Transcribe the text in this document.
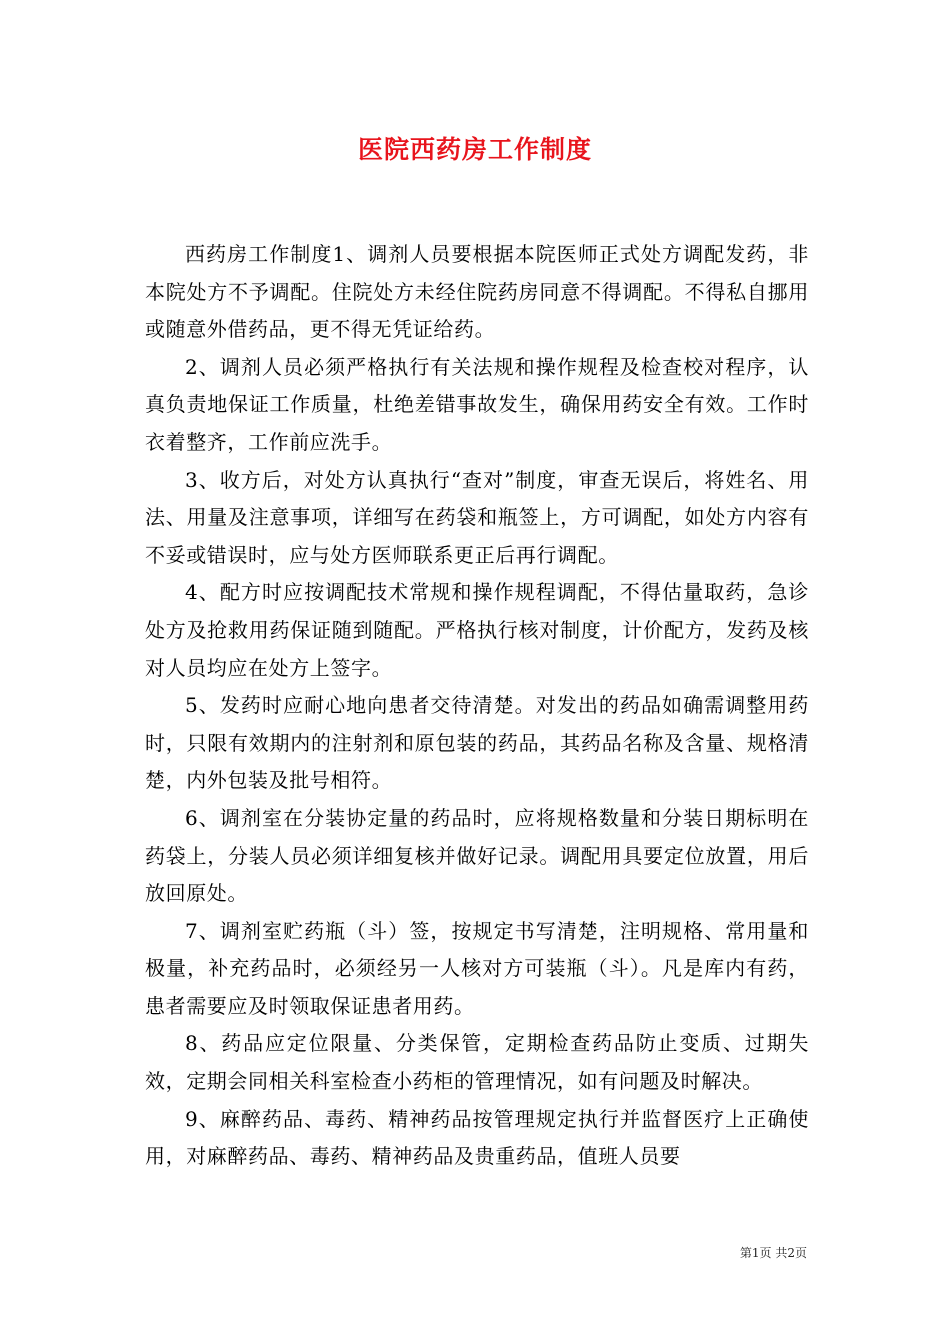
医院西药房工作制度

西药房工作制度1、调剂人员要根据本院医师正式处方调配发药，非本院处方不予调配。住院处方未经住院药房同意不得调配。不得私自挪用或随意外借药品，更不得无凭证给药。

2、调剂人员必须严格执行有关法规和操作规程及检查校对程序，认真负责地保证工作质量，杜绝差错事故发生，确保用药安全有效。工作时衣着整齐，工作前应洗手。

3、收方后，对处方认真执行“查对”制度，审查无误后，将姓名、用法、用量及注意事项，详细写在药袋和瓶签上，方可调配，如处方内容有不妥或错误时，应与处方医师联系更正后再行调配。

4、配方时应按调配技术常规和操作规程调配，不得估量取药，急诊处方及抢救用药保证随到随配。严格执行核对制度，计价配方，发药及核对人员均应在处方上签字。

5、发药时应耐心地向患者交待清楚。对发出的药品如确需调整用药时，只限有效期内的注射剂和原包装的药品，其药品名称及含量、规格清楚，内外包装及批号相符。

6、调剂室在分装协定量的药品时，应将规格数量和分装日期标明在药袋上，分装人员必须详细复核并做好记录。调配用具要定位放置，用后放回原处。

7、调剂室贮药瓶（斗）签，按规定书写清楚，注明规格、常用量和极量，补充药品时，必须经另一人核对方可装瓶（斗）。凡是库内有药，患者需要应及时领取保证患者用药。

8、药品应定位限量、分类保管，定期检查药品防止变质、过期失效，定期会同相关科室检查小药柜的管理情况，如有问题及时解决。

9、麻醉药品、毒药、精神药品按管理规定执行并监督医疗上正确使用，对麻醉药品、毒药、精神药品及贵重药品，值班人员要

第1页 共2页
